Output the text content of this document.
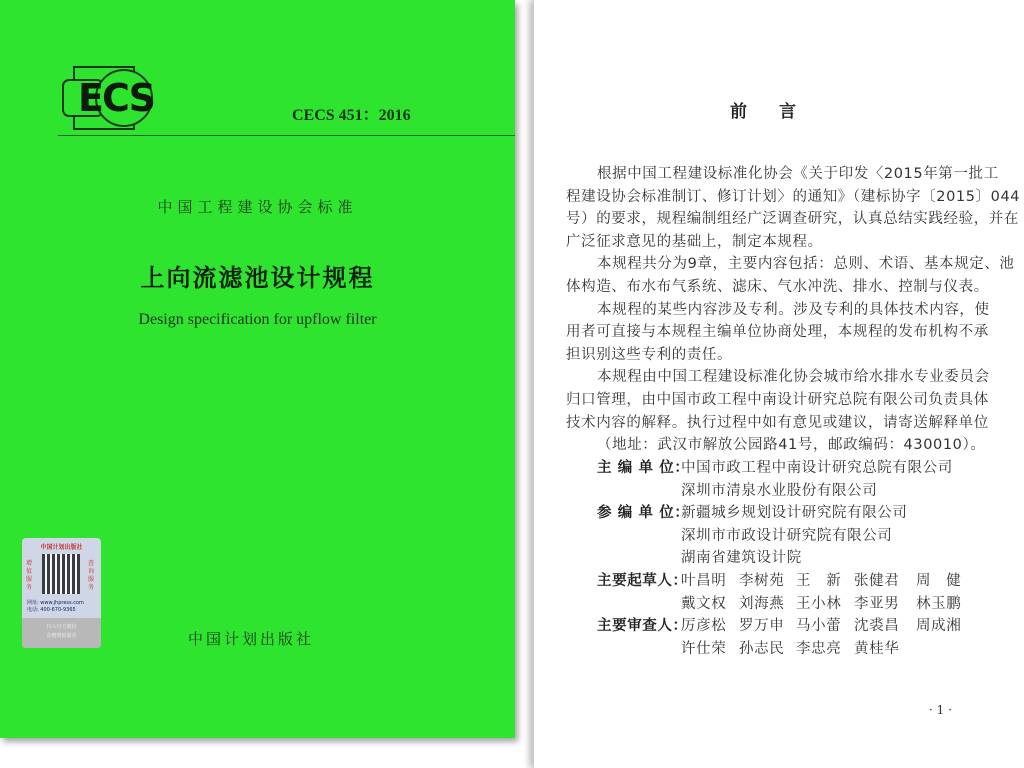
ECS	CECS 451：2016
中国工程建设协会标准
上向流滤池设计规程
Design specification for upflow filter
中国计划出版社
增值服务
查询服务
网址: www.jhpress.com
电话: 400-670-9365
扫入官方微信
获赠增值服务	中国计划出版社
前言
· 1 ·
根据中国工程建设标准化协会《关于印发〈2015年第一批工
程建设协会标准制订、修订计划〉的通知》（建标协字〔2015〕044
号）的要求，规程编制组经广泛调查研究，认真总结实践经验，并在
广泛征求意见的基础上，制定本规程。
本规程共分为9章，主要内容包括：总则、术语、基本规定、池
体构造、布水布气系统、滤床、气水冲洗、排水、控制与仪表。
本规程的某些内容涉及专利。涉及专利的具体技术内容，使
用者可直接与本规程主编单位协商处理，本规程的发布机构不承
担识别这些专利的责任。
本规程由中国工程建设标准化协会城市给水排水专业委员会
归口管理，由中国市政工程中南设计研究总院有限公司负责具体
技术内容的解释。执行过程中如有意见或建议，请寄送解释单位
（地址：武汉市解放公园路41号，邮政编码：430010）。
主 编 单 位：
中国市政工程中南设计研究总院有限公司
深圳市清泉水业股份有限公司
参 编 单 位：
新疆城乡规划设计研究院有限公司
深圳市市政设计研究院有限公司
湖南省建筑设计院
主要起草人：
叶昌明 李树苑 王　新 张健君 周　健
戴文权 刘海燕 王小林 李亚男 林玉鹏
主要审查人：
厉彦松 罗万申 马小蕾 沈裘昌 周成湘
许仕荣 孙志民 李忠亮 黄桂华
